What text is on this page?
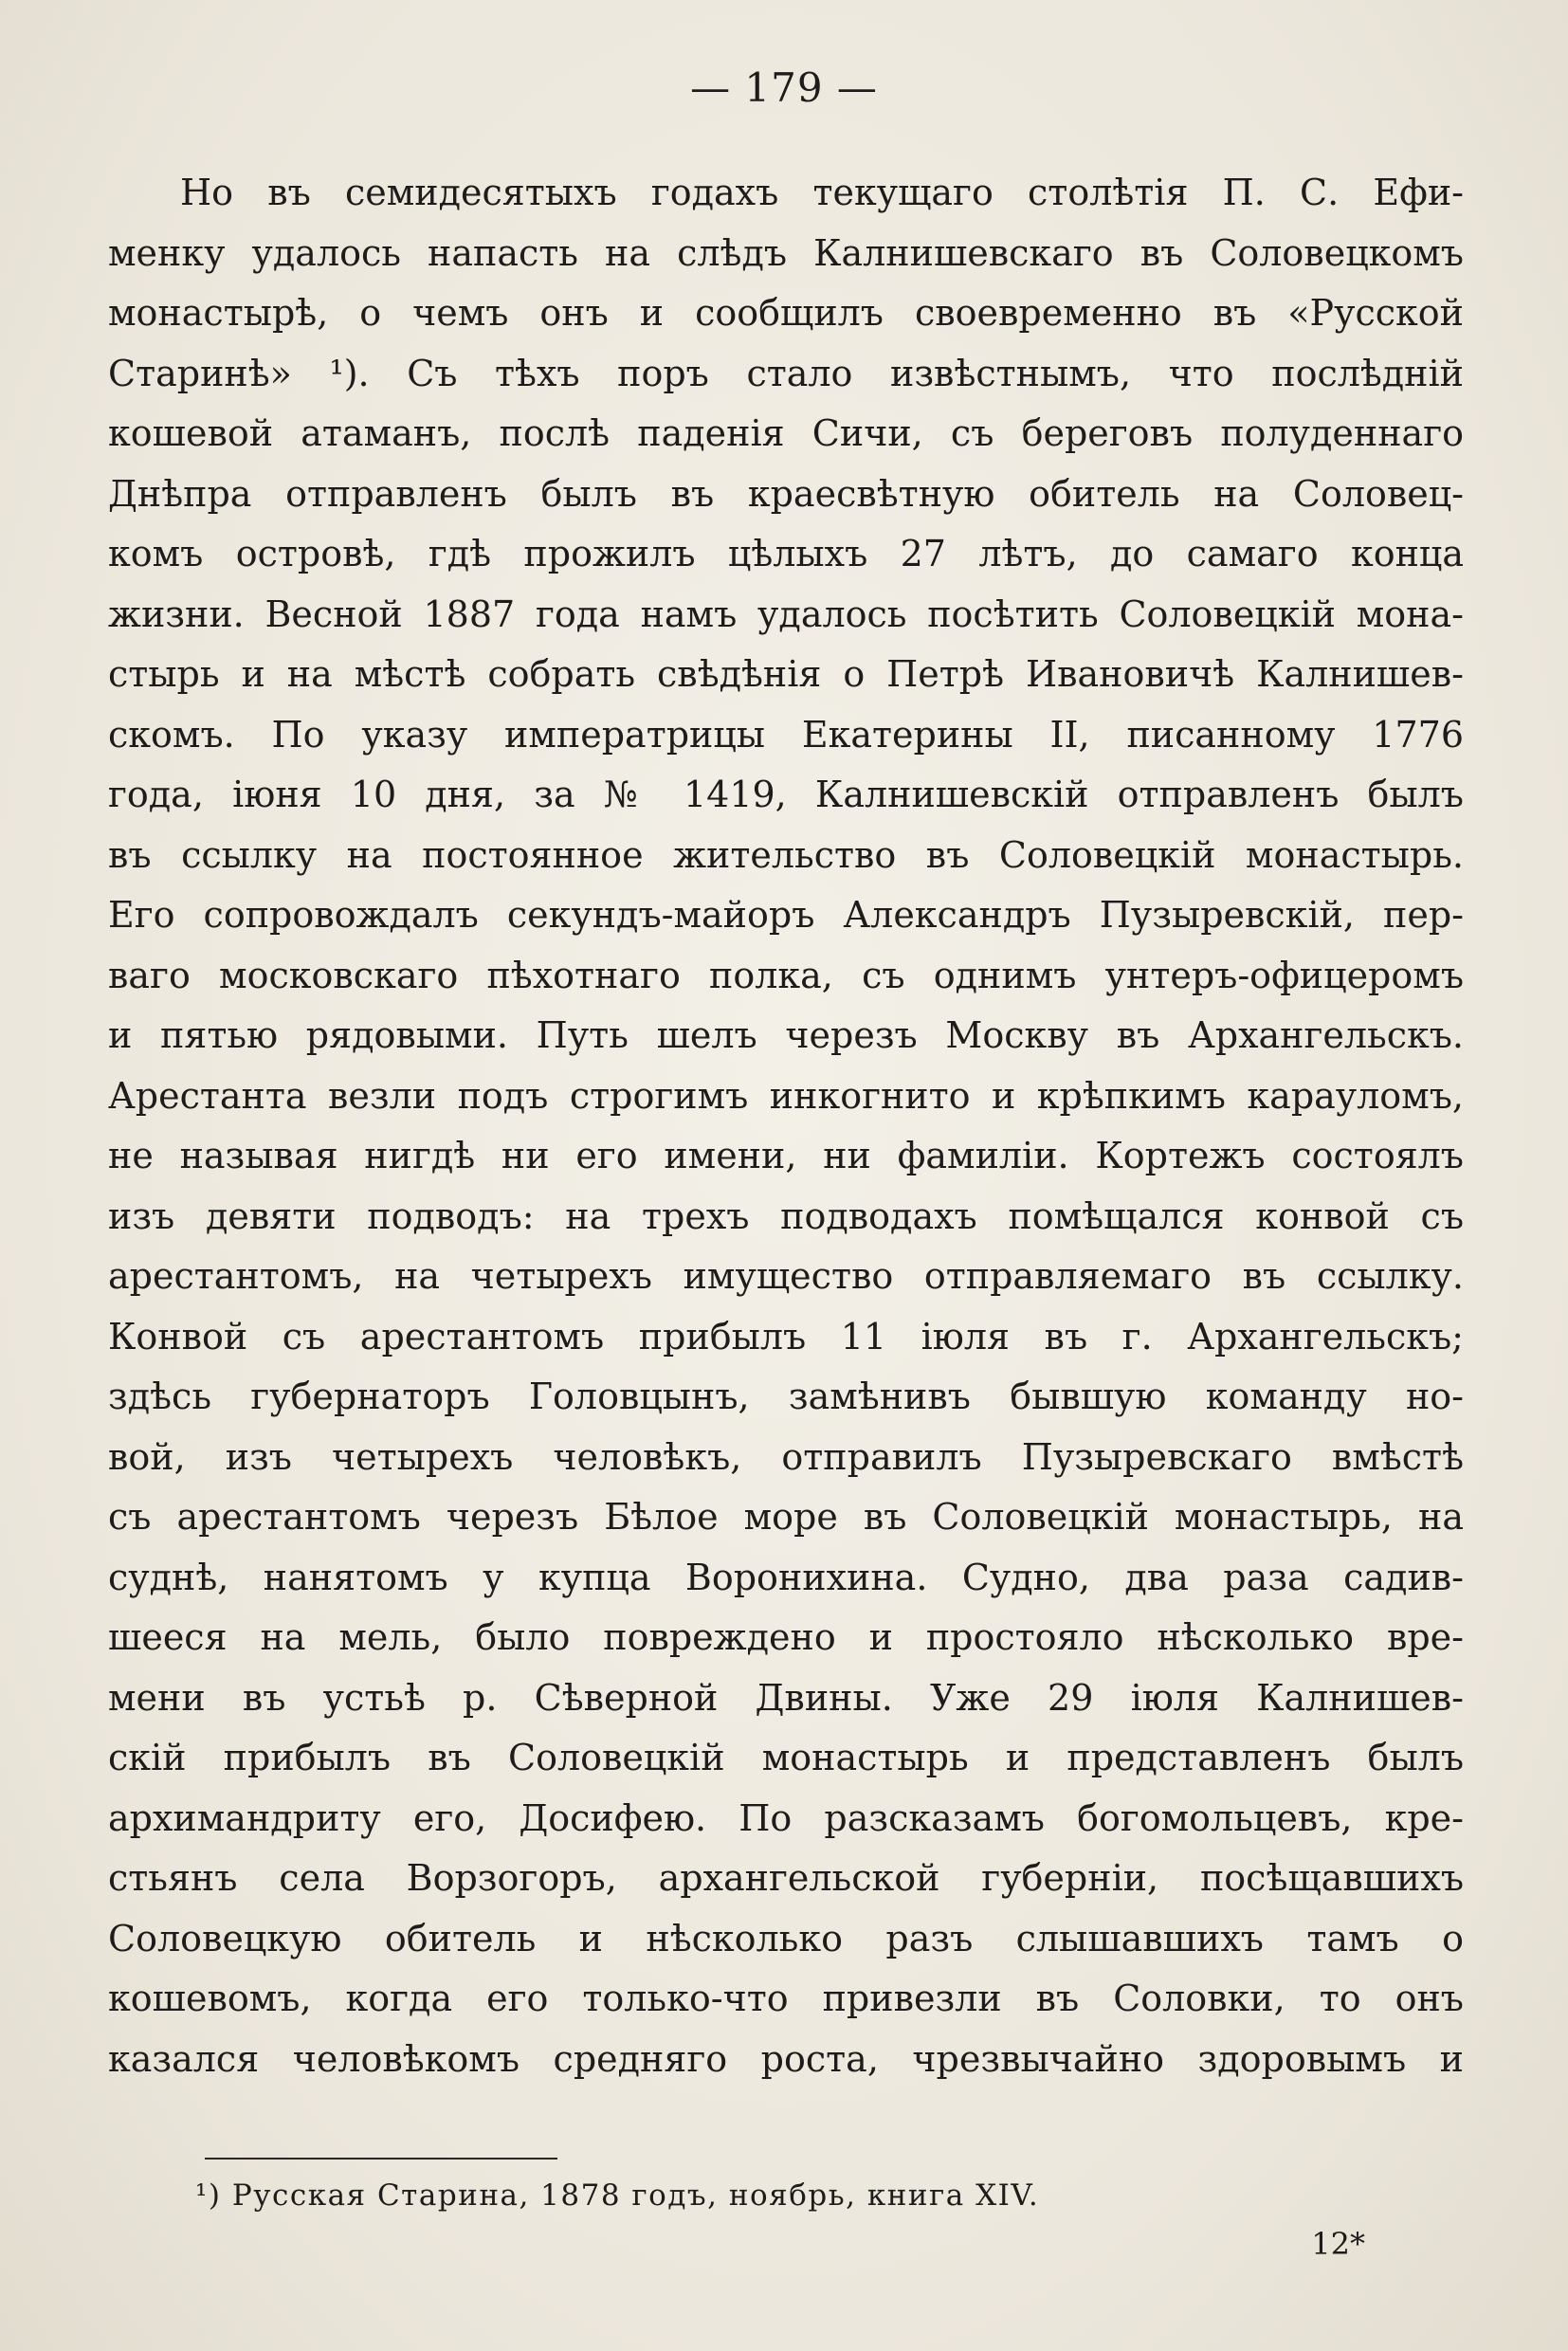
— 179 —
Но въ семидесятыхъ годахъ текущаго столѣтія П. С. Ефи-
менку удалось напасть на слѣдъ Калнишевскаго въ Соловецкомъ
монастырѣ, о чемъ онъ и сообщилъ своевременно въ «Русской
Старинѣ» ¹). Съ тѣхъ поръ стало извѣстнымъ, что послѣдній
кошевой атаманъ, послѣ паденія Сичи, съ береговъ полуденнаго
Днѣпра отправленъ былъ въ краесвѣтную обитель на Соловец-
комъ островѣ, гдѣ прожилъ цѣлыхъ 27 лѣтъ, до самаго конца
жизни. Весной 1887 года намъ удалось посѣтить Соловецкій мона-
стырь и на мѣстѣ собрать свѣдѣнія о Петрѣ Ивановичѣ Калнишев-
скомъ. По указу императрицы Екатерины II, писанному 1776
года, іюня 10 дня, за № 1419, Калнишевскій отправленъ былъ
въ ссылку на постоянное жительство въ Соловецкій монастырь.
Его сопровождалъ секундъ-майоръ Александръ Пузыревскій, пер-
ваго московскаго пѣхотнаго полка, съ однимъ унтеръ-офицеромъ
и пятью рядовыми. Путь шелъ черезъ Москву въ Архангельскъ.
Арестанта везли подъ строгимъ инкогнито и крѣпкимъ карауломъ,
не называя нигдѣ ни его имени, ни фамиліи. Кортежъ состоялъ
изъ девяти подводъ: на трехъ подводахъ помѣщался конвой съ
арестантомъ, на четырехъ имущество отправляемаго въ ссылку.
Конвой съ арестантомъ прибылъ 11 іюля въ г. Архангельскъ;
здѣсь губернаторъ Головцынъ, замѣнивъ бывшую команду но-
вой, изъ четырехъ человѣкъ, отправилъ Пузыревскаго вмѣстѣ
съ арестантомъ черезъ Бѣлое море въ Соловецкій монастырь, на
суднѣ, нанятомъ у купца Воронихина. Судно, два раза садив-
шееся на мель, было повреждено и простояло нѣсколько вре-
мени въ устьѣ р. Сѣверной Двины. Уже 29 іюля Калнишев-
скій прибылъ въ Соловецкій монастырь и представленъ былъ
архимандриту его, Досифею. По разсказамъ богомольцевъ, кре-
стьянъ села Ворзогоръ, архангельской губерніи, посѣщавшихъ
Соловецкую обитель и нѣсколько разъ слышавшихъ тамъ о
кошевомъ, когда его только-что привезли въ Соловки, то онъ
казался человѣкомъ средняго роста, чрезвычайно здоровымъ и
¹) Русская Старина, 1878 годъ, ноябрь, книга XIV.
12*
